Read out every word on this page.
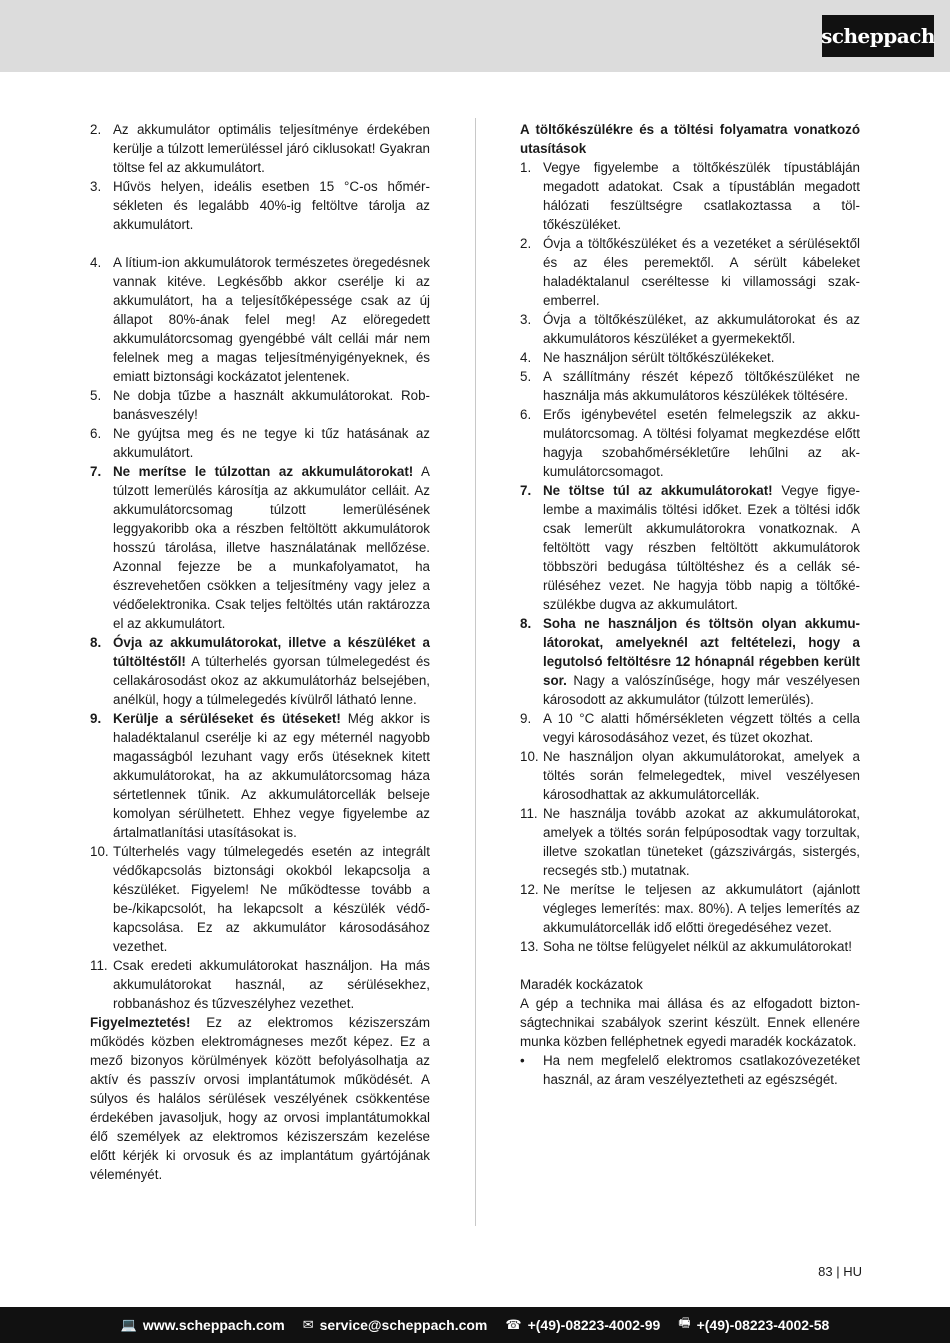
scheppach
2. Az akkumulátor optimális teljesítménye érdekében kerülje a túlzott lemerüléssel járó ciklusokat! Gyakran töltse fel az akkumulátort.
3. Hűvös helyen, ideális esetben 15 °C-os hőmérsékleten és legalább 40%-ig feltöltve tárolja az akkumulátort.
4. A lítium-ion akkumulátorok természetes öregedésnek vannak kitéve. Legkésőbb akkor cserélje ki az akkumulátort, ha a teljesítőképessége csak az új állapot 80%-ának felel meg! Az elöregedett akkumulátorcsomag gyengébbé vált cellái már nem felelnek meg a magas teljesítményigényeknek, és emiatt biztonsági kockázatot jelentenek.
5. Ne dobja tűzbe a használt akkumulátorokat. Robbanásveszély!
6. Ne gyújtsa meg és ne tegye ki tűz hatásának az akkumulátort.
7. Ne merítse le túlzottan az akkumulátorokat! A túlzott lemerülés károsítja az akkumulátor celláit. Az akkumulátorcsomag túlzott lemerülésének leggyakoribb oka a részben feltöltött akkumulátorok hosszú tárolása, illetve használatának mellőzése. Azonnal fejezze be a munkafolyamatot, ha észrevehetően csökken a teljesítmény vagy jelez a védőelektronika. Csak teljes feltöltés után raktározza el az akkumulátort.
8. Óvja az akkumulátorokat, illetve a készüléket a túltöltéstől! A túlterhelés gyorsan túlmelegedést és cellakárosodást okoz az akkumulátorház belsejében, anélkül, hogy a túlmelegedés kívülről látható lenne.
9. Kerülje a sérüléseket és ütéseket! Még akkor is haladéktalanul cserélje ki az egy méternél nagyobb magasságból lezuhant vagy erős ütéseknek kitett akkumulátorokat, ha az akkumulátorcsomag háza sértetlennek tűnik. Az akkumulátorcellák belseje komolyan sérülhetett. Ehhez vegye figyelembe az ártalmatlanítási utasításokat is.
10. Túlterhelés vagy túlmelegedés esetén az integrált védőkapcsolás biztonsági okokból lekapcsolja a készüléket. Figyelem! Ne működtesse tovább a be-/kikapcsolót, ha lekapcsolt a készülék védőkapcsolása. Ez az akkumulátor károsodásához vezethet.
11. Csak eredeti akkumulátorokat használjon. Ha más akkumulátorokat használ, az sérülésekhez, robbanáshoz és tűzveszélyhez vezethet.
Figyelmeztetés! Ez az elektromos kéziszerszám működés közben elektromágneses mezőt képez. Ez a mező bizonyos körülmények között befolyásolhatja az aktív és passzív orvosi implantátumok működését. A súlyos és halálos sérülések veszélyének csökkentése érdekében javasoljuk, hogy az orvosi implantátumokkal élő személyek az elektromos kéziszerszám kezelése előtt kérjék ki orvosuk és az implantátum gyártójának véleményét.
A töltőkészülékre és a töltési folyamatra vonatkozó utasítások
1. Vegye figyelembe a töltőkészülék típustábláján megadott adatokat. Csak a típustáblán megadott hálózati feszültségre csatlakoztassa a töltőkészüléket.
2. Óvja a töltőkészüléket és a vezetéket a sérülésektől és az éles peremektől. A sérült kábeleket haladéktalanul cseréltesse ki villamossági szakemberrel.
3. Óvja a töltőkészüléket, az akkumulátorokat és az akkumulátoros készüléket a gyermekektől.
4. Ne használjon sérült töltőkészülékeket.
5. A szállítmány részét képező töltőkészüléket ne használja más akkumulátoros készülékek töltésére.
6. Erős igénybevétel esetén felmelegszik az akkumulátorcsomag. A töltési folyamat megkezdése előtt hagyja szobahőmérsékletűre lehűlni az akkumulátorcsomagot.
7. Ne töltse túl az akkumulátorokat! Vegye figyelembe a maximális töltési időket. Ezek a töltési idők csak lemerült akkumulátorokra vonatkoznak. A feltöltött vagy részben feltöltött akkumulátorok többszöri bedugása túltöltéshez és a cellák sérüléséhez vezet. Ne hagyja több napig a töltőkészülékbe dugva az akkumulátort.
8. Soha ne használjon és töltsön olyan akkumulátorokat, amelyeknél azt feltételezi, hogy a legutolsó feltöltésre 12 hónapnál régebben került sor. Nagy a valószínűsége, hogy már veszélyesen károsodott az akkumulátor (túlzott lemerülés).
9. A 10 °C alatti hőmérsékleten végzett töltés a cella vegyi károsodásához vezet, és tüzet okozhat.
10. Ne használjon olyan akkumulátorokat, amelyek a töltés során felmelegedtek, mivel veszélyesen károsodhattak az akkumulátorcellák.
11. Ne használja tovább azokat az akkumulátorokat, amelyek a töltés során felpúposodtak vagy torzultak, illetve szokatlan tüneteket (gázszivárgás, sistergés, recsegés stb.) mutatnak.
12. Ne merítse le teljesen az akkumulátort (ajánlott végleges lemerítés: max. 80%). A teljes lemerítés az akkumulátorcellák idő előtti öregedéséhez vezet.
13. Soha ne töltse felügyelet nélkül az akkumulátorokat!
Maradék kockázatok
A gép a technika mai állása és az elfogadott biztonságtechnikai szabályok szerint készült. Ennek ellenére munka közben felléphetnek egyedi maradék kockázatok.
• Ha nem megfelelő elektromos csatlakozóvezetéket használ, az áram veszélyeztetheti az egészségét.
83 | HU
💻 www.scheppach.com ✉ service@scheppach.com ☎ +(49)-08223-4002-99 🖷 +(49)-08223-4002-58
